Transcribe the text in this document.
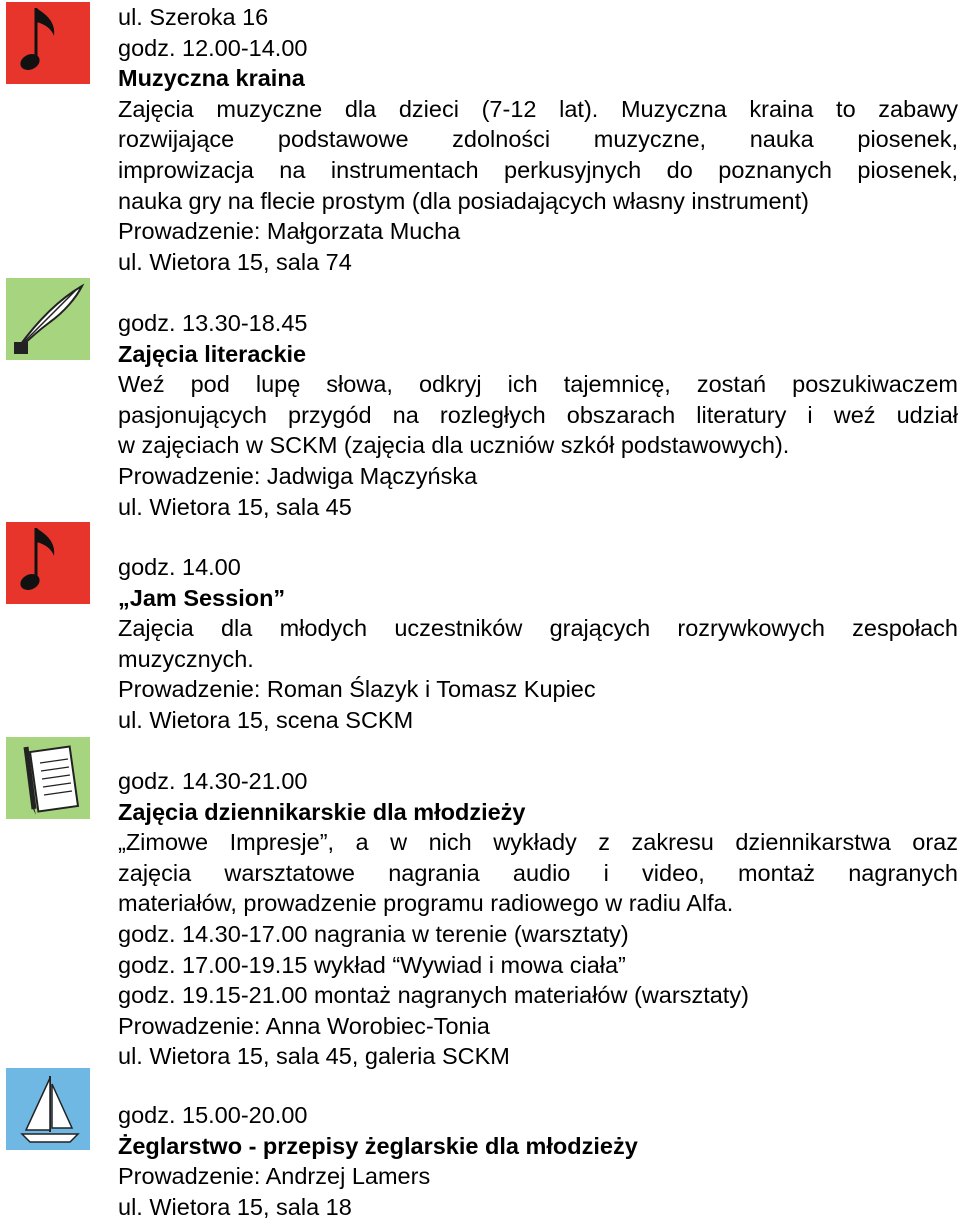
ul. Szeroka 16

godz. 12.00-14.00

Muzyczna kraina

Zajęcia muzyczne dla dzieci (7-12 lat). Muzyczna kraina to zabawy

rozwijające podstawowe zdolności muzyczne, nauka piosenek,

improwizacja na instrumentach perkusyjnych do poznanych piosenek,

nauka gry na flecie prostym (dla posiadających własny instrument)

Prowadzenie: Małgorzata Mucha

ul. Wietora 15, sala 74

godz. 13.30-18.45

Zajęcia literackie

Weź pod lupę słowa, odkryj ich tajemnicę, zostań poszukiwaczem

pasjonujących przygód na rozległych obszarach literatury i weź udział

w zajęciach w SCKM (zajęcia dla uczniów szkół podstawowych).

Prowadzenie: Jadwiga Mączyńska

ul. Wietora 15, sala 45

godz. 14.00

„Jam Session”

Zajęcia dla młodych uczestników grających rozrywkowych zespołach

muzycznych.

Prowadzenie: Roman Ślazyk i Tomasz Kupiec

ul. Wietora 15, scena SCKM

godz. 14.30-21.00

Zajęcia dziennikarskie dla młodzieży

„Zimowe Impresje”, a w nich wykłady z zakresu dziennikarstwa oraz

zajęcia warsztatowe nagrania audio i video, montaż nagranych

materiałów, prowadzenie programu radiowego w radiu Alfa.

godz. 14.30-17.00 nagrania w terenie (warsztaty)

godz. 17.00-19.15 wykład “Wywiad i mowa ciała”

godz. 19.15-21.00 montaż nagranych materiałów (warsztaty)

Prowadzenie: Anna Worobiec-Tonia

ul. Wietora 15, sala 45, galeria SCKM

godz. 15.00-20.00

Żeglarstwo - przepisy żeglarskie dla młodzieży

Prowadzenie: Andrzej Lamers

ul. Wietora 15, sala 18
